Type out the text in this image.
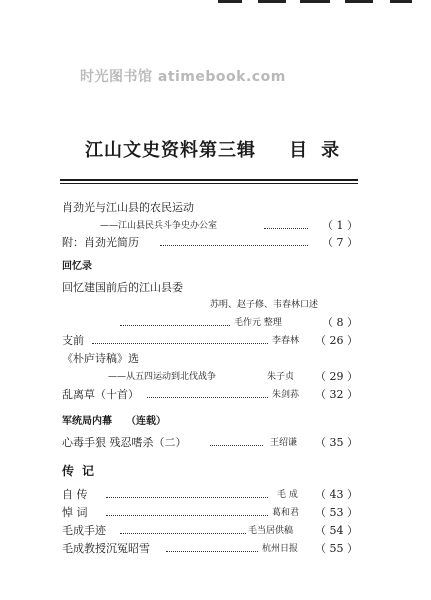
时光图书馆 atimebook.com
江山文史资料第三辑 目录
肖劲光与江山县的农民运动
——江山县民兵斗争史办公室	（ 1 ）
附：肖劲光简历	（ 7 ）
回忆录
回忆建国前后的江山县委
苏明、赵子修、韦春林口述
毛作元 整理	（ 8 ）
支前	李春林 （ 26 ）
《朴庐诗稿》选
——从五四运动到北伐战争	朱子贞 （ 29 ）
乱离草（十首）	朱剑荪 （ 32 ）
军统局内幕 （连载）
心毒手狠 残忍嗜杀（二）	王绍谦 （ 35 ）
传记
自 传	毛 成 （ 43 ）
悼 词	葛和君 （ 53 ）
毛成手迹	毛当居供稿 （ 54 ）
毛成教授沉冤昭雪	杭州日报 （ 55 ）
